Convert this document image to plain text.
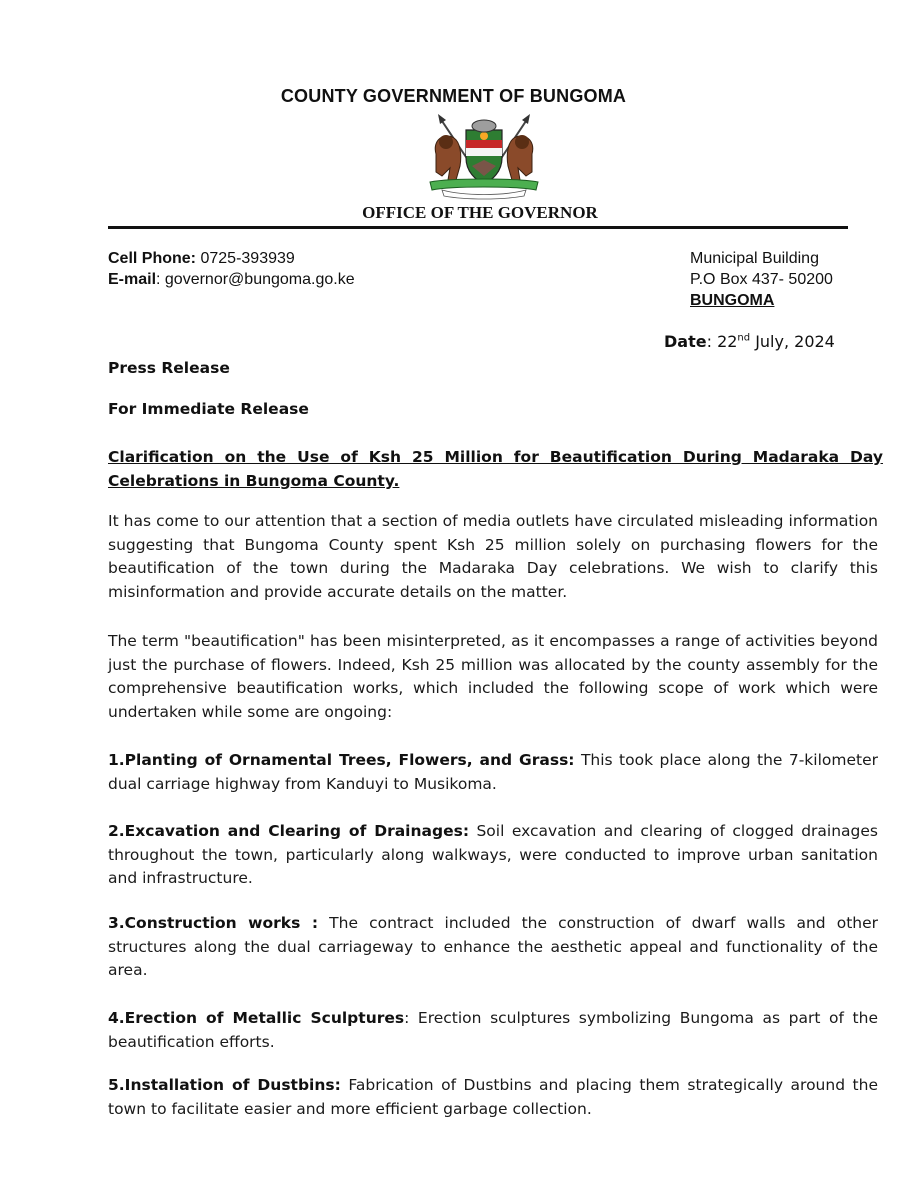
COUNTY GOVERNMENT OF BUNGOMA
OFFICE OF THE GOVERNOR
Cell Phone: 0725-393939
E-mail: governor@bungoma.go.ke
Municipal Building
P.O Box 437- 50200
BUNGOMA
Date: 22nd July, 2024
Press Release
For Immediate Release
Clarification on the Use of Ksh 25 Million for Beautification During Madaraka Day Celebrations in Bungoma County.
It has come to our attention that a section of media outlets have circulated misleading information suggesting that Bungoma County spent Ksh 25 million solely on purchasing flowers for the beautification of the town during the Madaraka Day celebrations. We wish to clarify this misinformation and provide accurate details on the matter.
The term "beautification" has been misinterpreted, as it encompasses a range of activities beyond just the purchase of flowers. Indeed, Ksh 25 million was allocated by the county assembly for the comprehensive beautification works, which included the following scope of work which were undertaken while some are ongoing:
1.Planting of Ornamental Trees, Flowers, and Grass: This took place along the 7-kilometer dual carriage highway from Kanduyi to Musikoma.
2.Excavation and Clearing of Drainages: Soil excavation and clearing of clogged drainages throughout the town, particularly along walkways, were conducted to improve urban sanitation and infrastructure.
3.Construction works : The contract included the construction of dwarf walls and other structures along the dual carriageway to enhance the aesthetic appeal and functionality of the area.
4.Erection of Metallic Sculptures: Erection sculptures symbolizing Bungoma as part of the beautification efforts.
5.Installation of Dustbins: Fabrication of Dustbins and placing them strategically around the town to facilitate easier and more efficient garbage collection.
